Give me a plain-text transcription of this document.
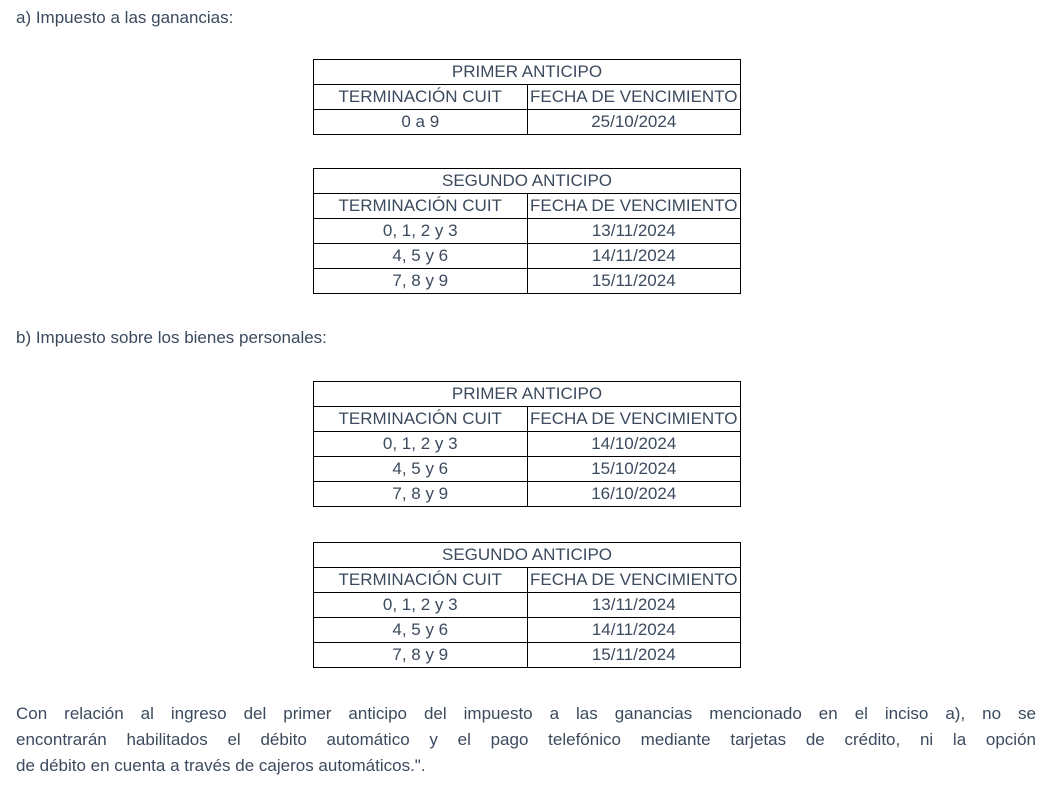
a) Impuesto a las ganancias:

PRIMER ANTICIPO	
TERMINACIÓN CUIT	FECHA DE VENCIMIENTO
0 a 9	25/10/2024
SEGUNDO ANTICIPO	
TERMINACIÓN CUIT	FECHA DE VENCIMIENTO
0, 1, 2 y 3	13/11/2024
4, 5 y 6	14/11/2024
7, 8 y 9	15/11/2024

b) Impuesto sobre los bienes personales:

PRIMER ANTICIPO	
TERMINACIÓN CUIT	FECHA DE VENCIMIENTO
0, 1, 2 y 3	14/10/2024
4, 5 y 6	15/10/2024
7, 8 y 9	16/10/2024
SEGUNDO ANTICIPO	
TERMINACIÓN CUIT	FECHA DE VENCIMIENTO
0, 1, 2 y 3	13/11/2024
4, 5 y 6	14/11/2024
7, 8 y 9	15/11/2024
Con relación al ingreso del primer anticipo del impuesto a las ganancias mencionado en el inciso a), no se
encontrarán habilitados el débito automático y el pago telefónico mediante tarjetas de crédito, ni la opción
de débito en cuenta a través de cajeros automáticos.".
